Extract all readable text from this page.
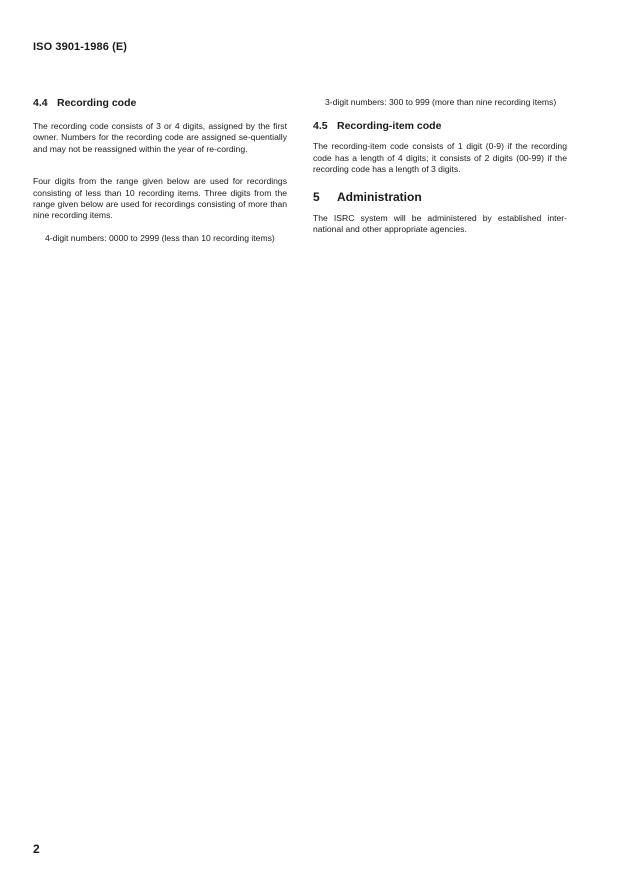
ISO 3901-1986 (E)
4.4 Recording code

The recording code consists of 3 or 4 digits, assigned by the first owner. Numbers for the recording code are assigned se-quentially and may not be reassigned within the year of re-cording.

Four digits from the range given below are used for recordings consisting of less than 10 recording items. Three digits from the range given below are used for recordings consisting of more than nine recording items.

4-digit numbers: 0000 to 2999 (less than 10 recording items)

3-digit numbers: 300 to 999 (more than nine recording items)

4.5 Recording-item code

The recording-item code consists of 1 digit (0-9) if the recording code has a length of 4 digits; it consists of 2 digits (00-99) if the recording code has a length of 3 digits.

5 Administration

The ISRC system will be administered by established inter-national and other appropriate agencies.

2
